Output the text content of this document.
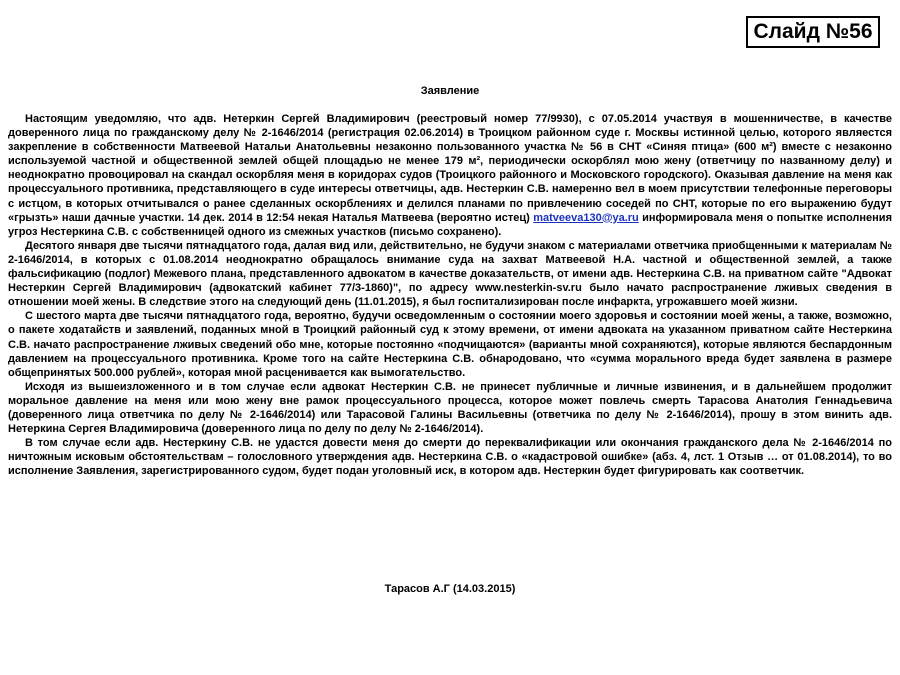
Слайд №56
Заявление

Настоящим уведомляю, что адв. Нетеркин Сергей Владимирович (реестровый номер 77/9930), с 07.05.2014 участвуя в мошенничестве, в качестве доверенного лица по гражданскому делу № 2-1646/2014 (регистрация 02.06.2014) в Троицком районном суде г. Москвы истинной целью, которого являестся закрепление в собственности Матвеевой Натальи Анатольевны незаконно пользованного участка № 56 в СНТ «Синяя птица» (600 м²) вместе с незаконно используемой частной и общественной землей общей площадью не менее 179 м², периодически оскорблял мою жену (ответчицу по названному делу) и неоднократно провоцировал на скандал оскорбляя меня в коридорах судов (Троицкого районного и Московского городского). Оказывая давление на меня как процессуального противника, представляющего в суде интересы ответчицы, адв. Нестеркин С.В. намеренно вел в моем присутствии телефонные переговоры с истцом, в которых отчитывался о ранее сделанных оскорблениях и делился планами по привлечению соседей по СНТ, которые по его выражению будут «грызть» наши дачные участки. 14 дек. 2014 в 12:54 некая Наталья Матвеева (вероятно истец) matveeva130@ya.ru информировала меня о попытке исполнения угроз Нестеркина С.В. с собственницей одного из смежных участков (письмо сохранено).

Десятого января две тысячи пятнадцатого года, далая вид или, действительно, не будучи знаком с материалами ответчика приобщенными к материалам № 2-1646/2014, в которых с 01.08.2014 неоднократно обращалось внимание суда на захват Матвеевой Н.А. частной и общественной землей, а также фальсификацию (подлог) Межевого плана, представленного адвокатом в качестве доказательств, от имени адв. Нестеркина С.В. на приватном сайте "Адвокат Нестеркин Сергей Владимирович (адвокатский кабинет 77/3-1860)", по адресу www.nesterkin-sv.ru было начато распространение лживых сведения в отношении моей жены. В следствие этого на следующий день (11.01.2015), я был госпитализирован после инфаркта, угрожавшего моей жизни.

С шестого марта две тысячи пятнадцатого года, вероятно, будучи осведомленным о состоянии моего здоровья и состоянии моей жены, а также, возможно, о пакете ходатайств и заявлений, поданных мной в Троицкий районный суд к этому времени, от имени адвоката на указанном приватном сайте Нестеркина С.В. начато распространение лживых сведений обо мне, которые постоянно «подчищаются» (варианты мной сохраняются), которые являются беспардонным давлением на процессуального противника. Кроме того на сайте Нестеркина С.В. обнародовано, что «сумма морального вреда будет заявлена в размере общепринятых 500.000 рублей», которая мной расценивается как вымогательство.

Исходя из вышеизложенного и в том случае если адвокат Нестеркин С.В. не принесет публичные и личные извинения, и в дальнейшем продолжит моральное давление на меня или мою жену вне рамок процессуального процесса, которое может повлечь смерть Тарасова Анатолия Геннадьевича (доверенного лица ответчика по делу № 2-1646/2014) или Тарасовой Галины Васильевны (ответчика по делу № 2-1646/2014), прошу в этом винить адв. Нетеркина Сергея Владимировича (доверенного лица по делу по делу № 2-1646/2014).

В том случае если адв. Нестеркину С.В. не удастся довести меня до смерти до переквалификации или окончания гражданского дела № 2-1646/2014 по ничтожным исковым обстоятельствам – голословного утверждения адв. Нестеркина С.В. о «кадастровой ошибке» (абз. 4, лст. 1 Отзыв … от 01.08.2014), то во исполнение Заявления, зарегистрированного судом, будет подан уголовный иск, в котором адв. Нестеркин будет фигурировать как соответчик.

Тарасов А.Г (14.03.2015)
